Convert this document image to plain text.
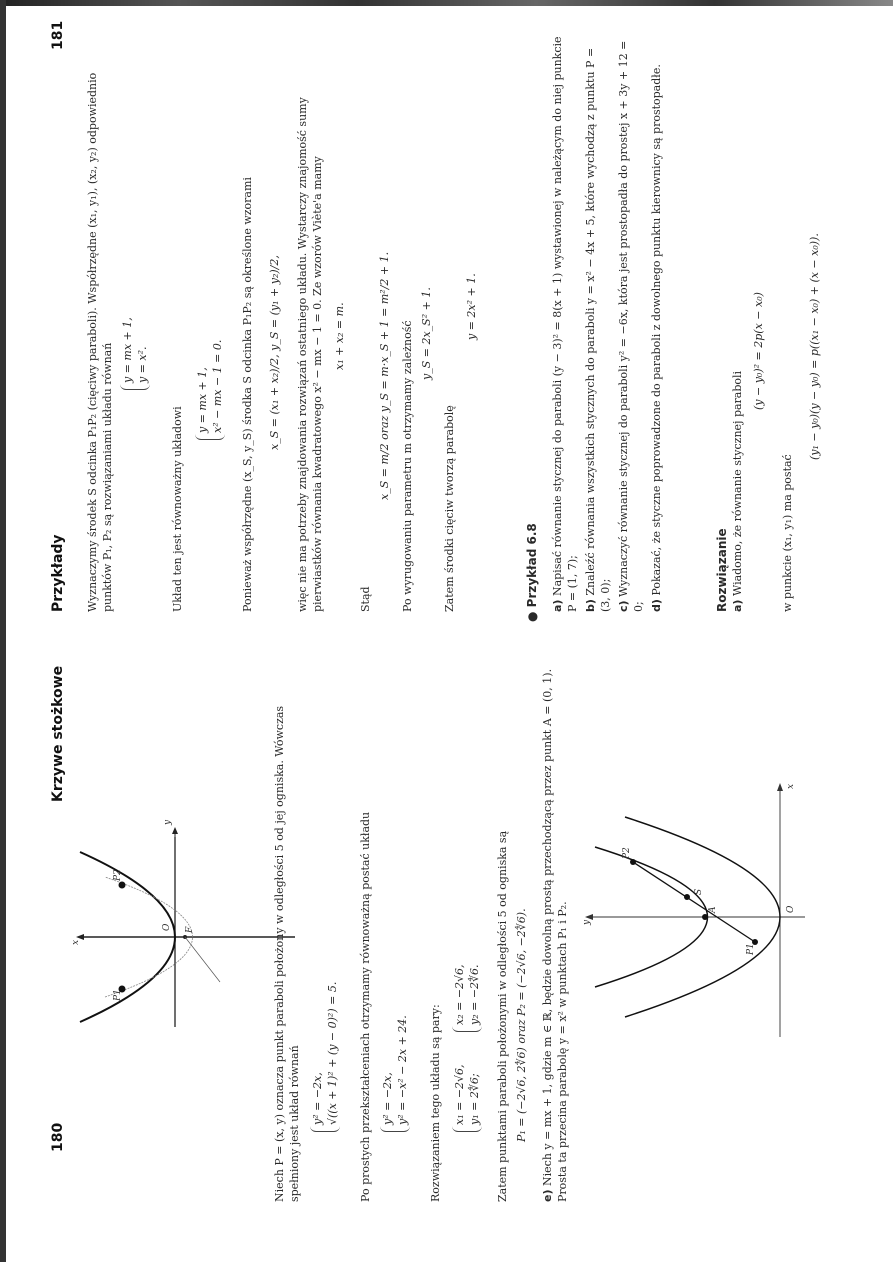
180
Krzywe stożkowe
F
O
y
x
P1
P2	Niech P = (x, y) oznacza punkt paraboli położony w odległości 5 od jej ogniska. Wówczas spełniony jest układ równań y² = −2x, √((x + 1)² + (y − 0)²) = 5. Po prostych przekształceniach otrzymamy równoważną postać układu y² = −2x, y² = −x² − 2x + 24. Rozwiązaniem tego układu są pary: x₁ = −2√6, y₁ = 2∜6;
x₂ = −2√6, y₂ = −2∜6. Zatem punktami paraboli położonymi w odległości 5 od ogniska są P₁ = (−2√6, 2∜6) oraz P₂ = (−2√6, −2∜6).
e) Niech y = mx + 1, gdzie m ∈ ℝ, będzie dowolną prostą przechodzącą przez punkt A = (0, 1). Prosta ta przecina parabolę y = x² w punktach P₁ i P₂.	P1
A
S
P2
O
y
x
Przykłady
181
Wyznaczymy środek S odcinka P₁P₂ (cięciwy paraboli). Współrzędne (x₁, y₁), (x₂, y₂) odpowiednio punktów P₁, P₂ są rozwiązaniami układu równań y = mx + 1, y = x².
Układ ten jest równoważny układowi
y = mx + 1, x² − mx − 1 = 0. Ponieważ współrzędne (x_S, y_S) środka S odcinka P₁P₂ są określone wzorami x_S = (x₁ + x₂)/2, y_S = (y₁ + y₂)/2, więc nie ma potrzeby znajdowania rozwiązań ostatniego układu. Wystarczy znajomość sumy pierwiastków równania kwadratowego x² − mx − 1 = 0. Ze wzorów Viète'a mamy x₁ + x₂ = m.
Stąd
x_S = m/2 oraz y_S = m·x_S + 1 = m²/2 + 1. Po wyrugowaniu parametru m otrzymamy zależność y_S = 2x_S² + 1.
Zatem środki cięciw tworzą parabolę
y = 2x² + 1.
● Przykład 6.8 a) Napisać równanie stycznej do paraboli (y − 3)² = 8(x + 1) wystawionej w należącym do niej punkcie P = (1, 7); b) Znaleźć równania wszystkich stycznych do paraboli y = x² − 4x + 5, które wychodzą z punktu P = (3, 0); c) Wyznaczyć równanie stycznej do paraboli y² = −6x, która jest prostopadła do prostej x + 3y + 12 = 0; d) Pokazać, że styczne poprowadzone do paraboli z dowolnego punktu kierownicy są prostopadłe.	Rozwiązanie a) Wiadomo, że równanie stycznej paraboli
(y − y₀)² = 2p(x − x₀)
w punkcie (x₁, y₁) ma postać
(y₁ − y₀)(y − y₀) = p((x₁ − x₀) + (x − x₀)).
